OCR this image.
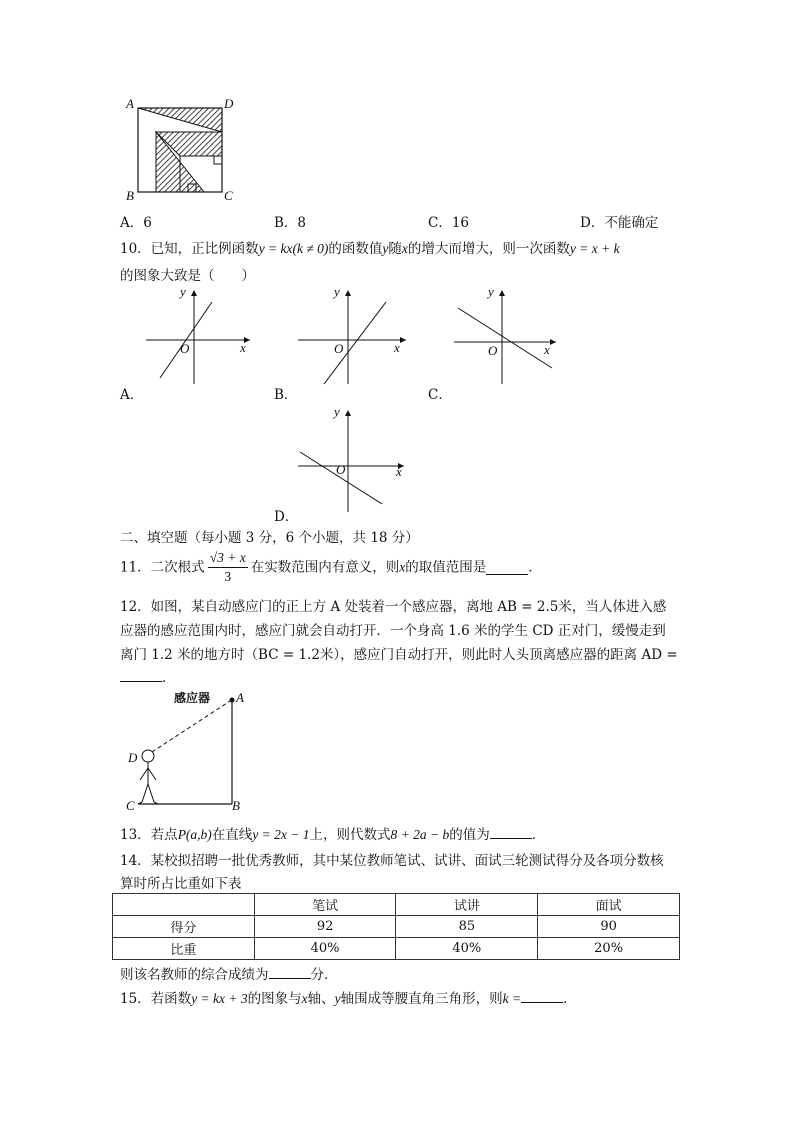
A	D
B	C
A．6	B．8	C．16	D．不能确定
10．已知，正比例函数y = kx(k ≠ 0)的函数值y随x的增大而增大，则一次函数y = x + k
的图象大致是（　　）
y
x
O
A．
y
x
O
B．
y
x
O
C．
y
x
O
D．
二、填空题（每小题 3 分，6 个小题，共 18 分）
11．二次根式 $\frac{√3 + x}{3}$ 在实数范围内有意义，则x的取值范围是	．
12．如图，某自动感应门的正上方 A 处装着一个感应器，离地 AB = 2.5米，当人体进入感
应器的感应范围内时，感应门就会自动打开．一个身高 1.6 米的学生 CD 正对门，缓慢走到
离门 1.2 米的地方时（BC = 1.2米），感应门自动打开，则此时人头顶离感应器的距离 AD =
．
感应器 A
B
C
D
13．若点P(a,b)在直线y = 2x − 1上，则代数式8 + 2a − b的值为	．
14．某校拟招聘一批优秀教师，其中某位教师笔试、试讲、面试三轮测试得分及各项分数核
算时所占比重如下表
	笔试	试讲	面试
得分	92	85	90
比重	40%	40%	20%
则该名教师的综合成绩为	分．
15．若函数y = kx + 3的图象与x轴、y轴围成等腰直角三角形，则k =	．
